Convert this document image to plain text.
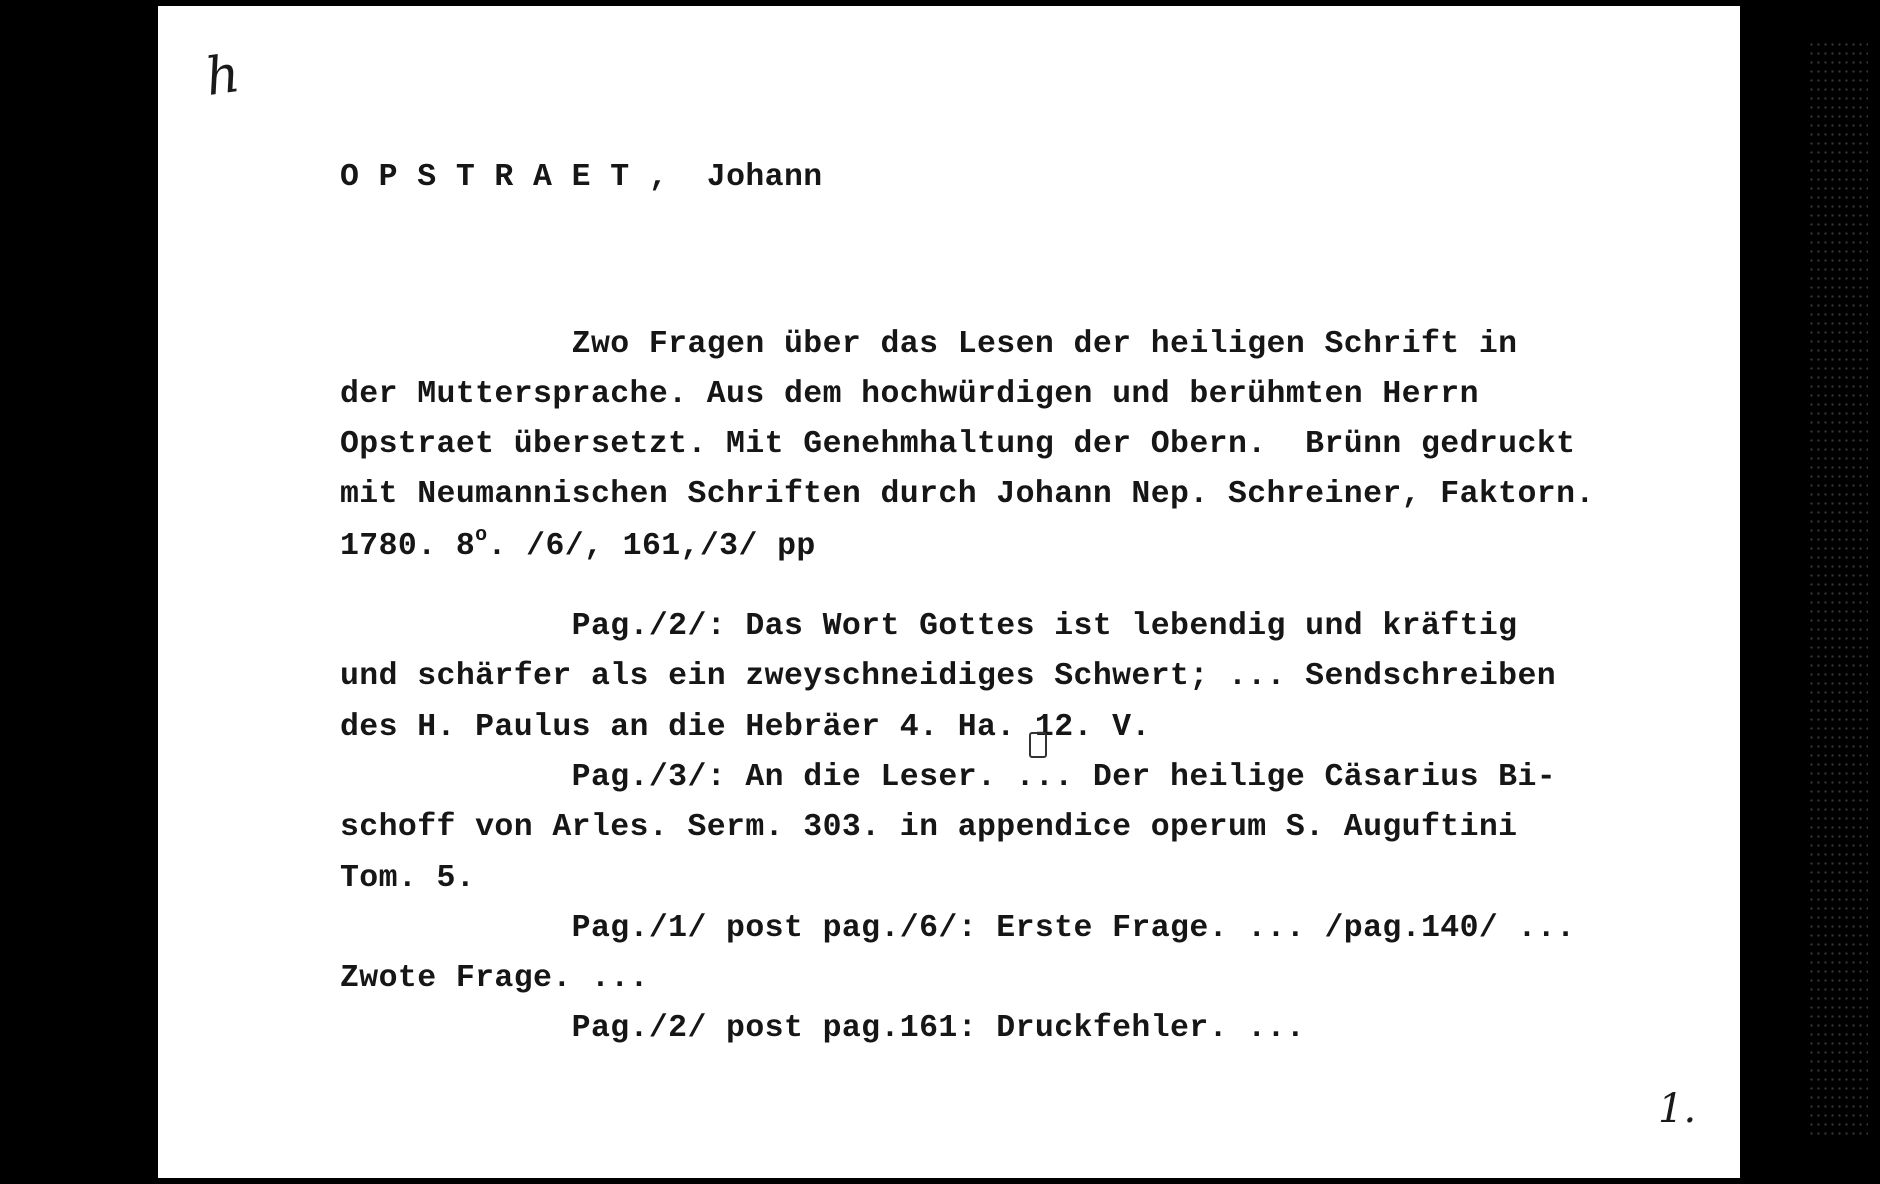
h
O P S T R A E T , Johann
Zwo Fragen über das Lesen der heiligen Schrift in
der Muttersprache. Aus dem hochwürdigen und berühmten Herrn
Opstraet übersetzt. Mit Genehmhaltung der Obern.  Brünn gedruckt
mit Neumannischen Schriften durch Johann Nep. Schreiner, Faktorn.
1780. 8$^o$. /6/, 161,/3/ pp
Pag./2/: Das Wort Gottes ist lebendig und kräftig
und schärfer als ein zweyschneidiges Schwert; ... Sendschreiben
des H. Paulus an die Hebräer 4. Ha. 12. V.
Pag./3/: An die Leser. ... Der heilige Cäsarius Bi-
schoff von Arles. Serm. 303. in appendice operum S. Auguftini
Tom. 5.
Pag./1/ post pag./6/: Erste Frage. ... /pag.140/ ...
Zwote Frage. ...
Pag./2/ post pag.161: Druckfehler. ...
1.
